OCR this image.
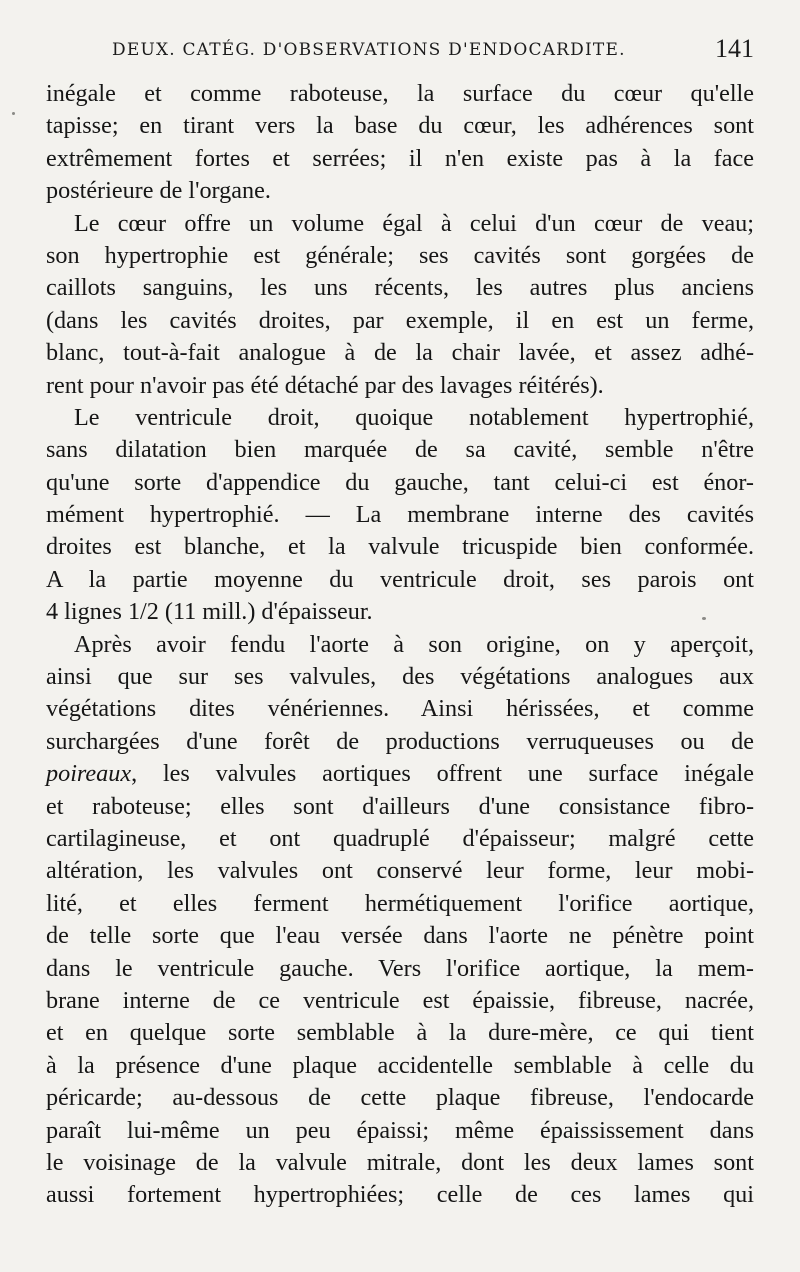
DEUX. CATÉG. D'OBSERVATIONS D'ENDOCARDITE.	141
inégale et comme raboteuse, la surface du cœur qu'elle
tapisse; en tirant vers la base du cœur, les adhérences sont
extrêmement fortes et serrées; il n'en existe pas à la face
postérieure de l'organe.
Le cœur offre un volume égal à celui d'un cœur de veau;
son hypertrophie est générale; ses cavités sont gorgées de
caillots sanguins, les uns récents, les autres plus anciens
(dans les cavités droites, par exemple, il en est un ferme,
blanc, tout-à-fait analogue à de la chair lavée, et assez adhé-
rent pour n'avoir pas été détaché par des lavages réitérés).
Le ventricule droit, quoique notablement hypertrophié,
sans dilatation bien marquée de sa cavité, semble n'être
qu'une sorte d'appendice du gauche, tant celui-ci est énor-
mément hypertrophié. — La membrane interne des cavités
droites est blanche, et la valvule tricuspide bien conformée.
A la partie moyenne du ventricule droit, ses parois ont
4 lignes 1/2 (11 mill.) d'épaisseur.
Après avoir fendu l'aorte à son origine, on y aperçoit,
ainsi que sur ses valvules, des végétations analogues aux
végétations dites vénériennes. Ainsi hérissées, et comme
surchargées d'une forêt de productions verruqueuses ou de
poireaux, les valvules aortiques offrent une surface inégale
et raboteuse; elles sont d'ailleurs d'une consistance fibro-
cartilagineuse, et ont quadruplé d'épaisseur; malgré cette
altération, les valvules ont conservé leur forme, leur mobi-
lité, et elles ferment hermétiquement l'orifice aortique,
de telle sorte que l'eau versée dans l'aorte ne pénètre point
dans le ventricule gauche. Vers l'orifice aortique, la mem-
brane interne de ce ventricule est épaissie, fibreuse, nacrée,
et en quelque sorte semblable à la dure-mère, ce qui tient
à la présence d'une plaque accidentelle semblable à celle du
péricarde; au-dessous de cette plaque fibreuse, l'endocarde
paraît lui-même un peu épaissi; même épaississement dans
le voisinage de la valvule mitrale, dont les deux lames sont
aussi fortement hypertrophiées; celle de ces lames qui
